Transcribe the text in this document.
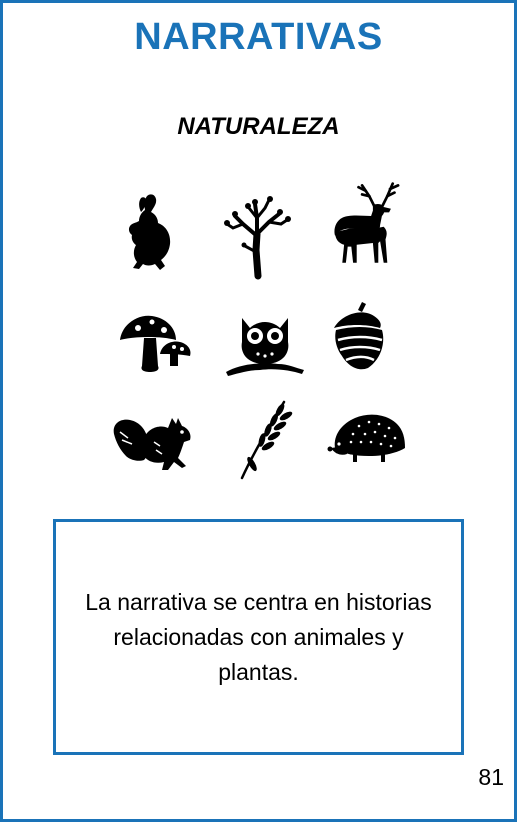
NARRATIVAS
NATURALEZA
La narrativa se centra en historias relacionadas con animales y plantas.
81
